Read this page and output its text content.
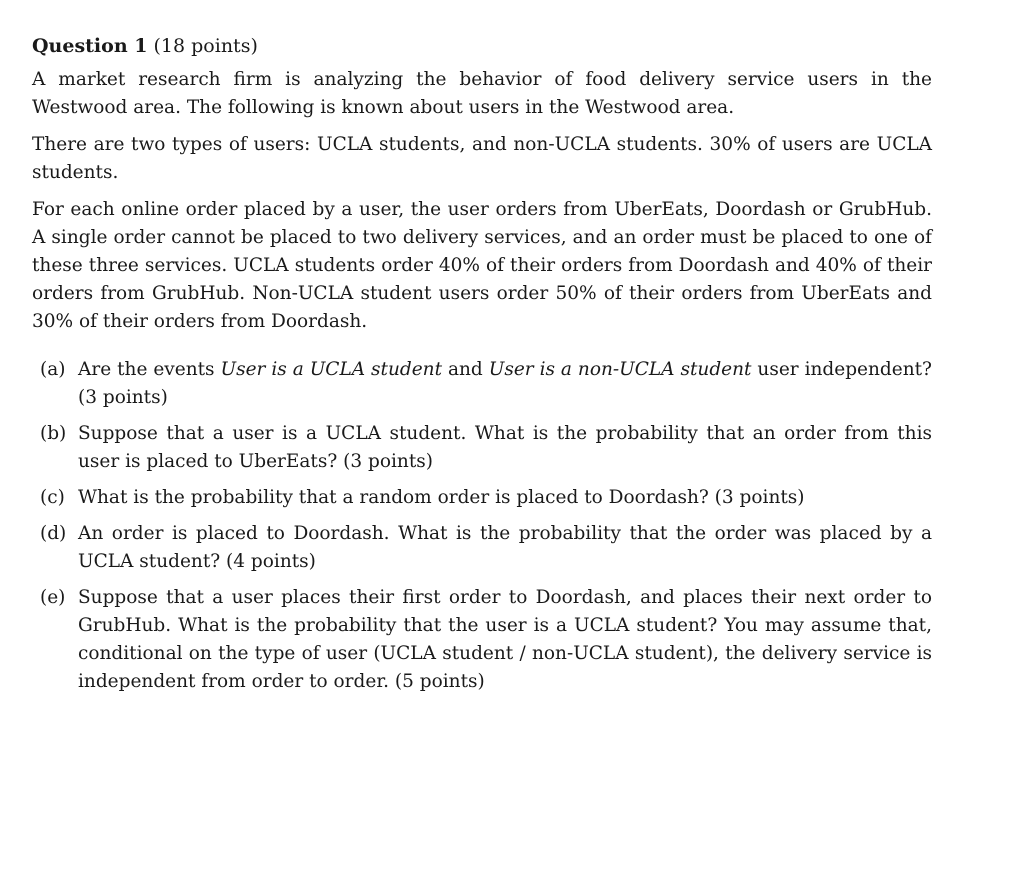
Question 1 (18 points)

A market research firm is analyzing the behavior of food delivery service users in the Westwood area. The following is known about users in the Westwood area.

There are two types of users: UCLA students, and non-UCLA students. 30% of users are UCLA students.

For each online order placed by a user, the user orders from UberEats, Doordash or GrubHub. A single order cannot be placed to two delivery services, and an order must be placed to one of these three services. UCLA students order 40% of their orders from Doordash and 40% of their orders from GrubHub. Non-UCLA student users order 50% of their orders from UberEats and 30% of their orders from Doordash.

(a) Are the events User is a UCLA student and User is a non-UCLA student user independent? (3 points)
(b) Suppose that a user is a UCLA student. What is the probability that an order from this user is placed to UberEats? (3 points)
(c) What is the probability that a random order is placed to Doordash? (3 points)
(d) An order is placed to Doordash. What is the probability that the order was placed by a UCLA student? (4 points)
(e) Suppose that a user places their first order to Doordash, and places their next order to GrubHub. What is the probability that the user is a UCLA student? You may assume that, conditional on the type of user (UCLA student / non-UCLA student), the delivery service is independent from order to order. (5 points)
